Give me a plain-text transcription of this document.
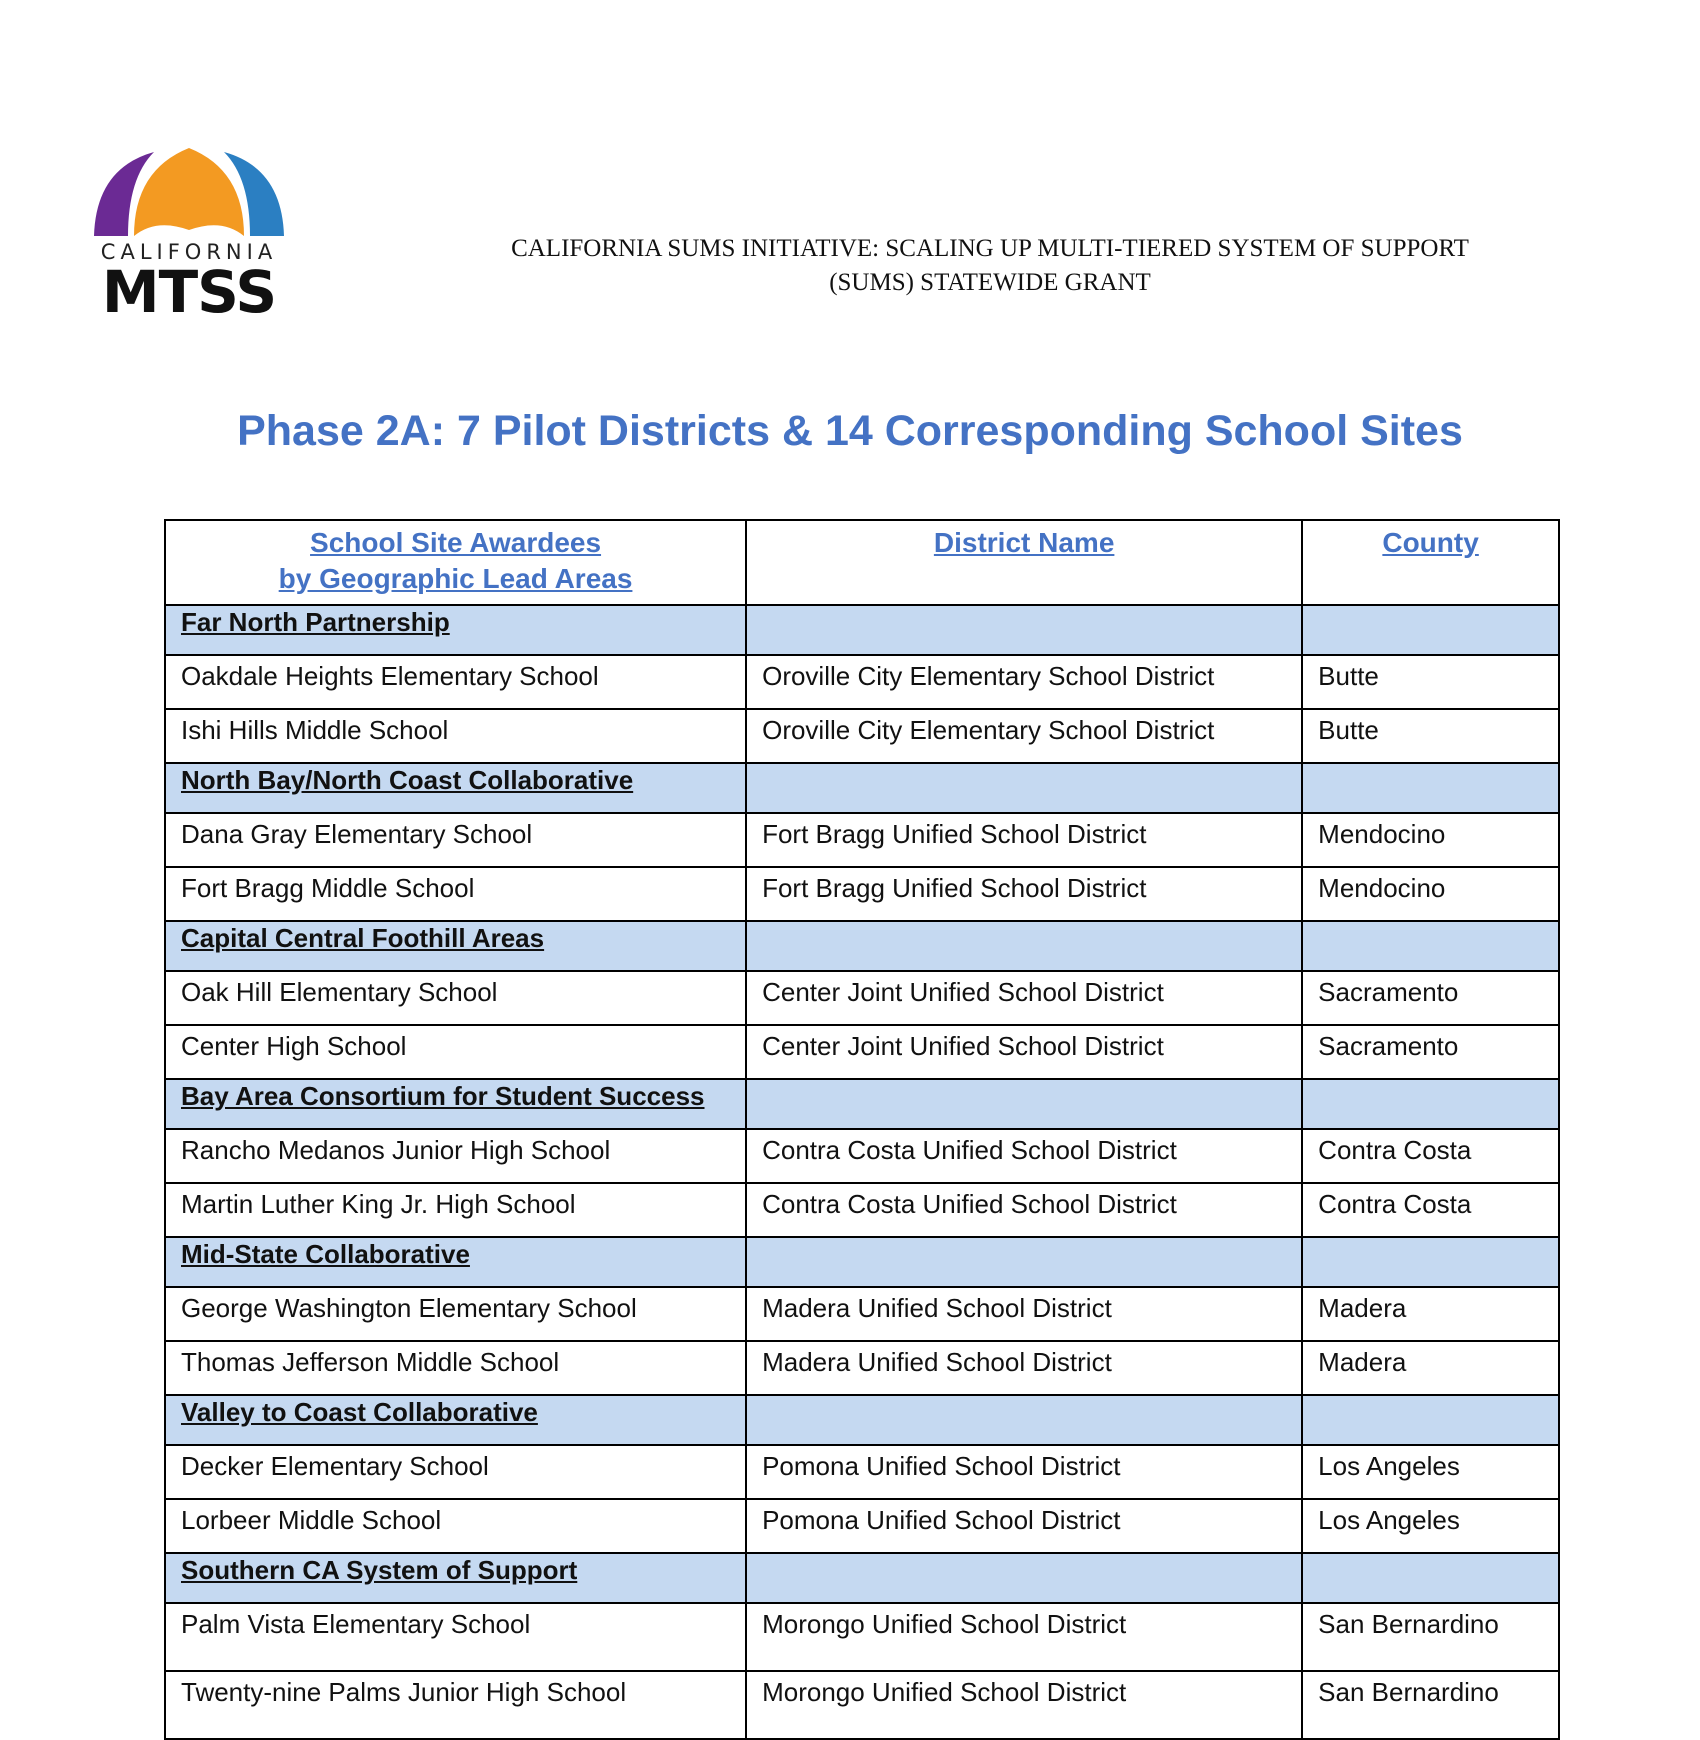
CALIFORNIA
MTSS
CALIFORNIA SUMS INITIATIVE: SCALING UP MULTI-TIERED SYSTEM OF SUPPORT
(SUMS) STATEWIDE GRANT
Phase 2A: 7 Pilot Districts & 14 Corresponding School Sites
School Site Awardees
by Geographic Lead Areas	District Name	County
Far North Partnership		
Oakdale Heights Elementary School	Oroville City Elementary School District	Butte
Ishi Hills Middle School	Oroville City Elementary School District	Butte
North Bay/North Coast Collaborative		
Dana Gray Elementary School	Fort Bragg Unified School District	Mendocino
Fort Bragg Middle School	Fort Bragg Unified School District	Mendocino
Capital Central Foothill Areas		
Oak Hill Elementary School	Center Joint Unified School District	Sacramento
Center High School	Center Joint Unified School District	Sacramento
Bay Area Consortium for Student Success		
Rancho Medanos Junior High School	Contra Costa Unified School District	Contra Costa
Martin Luther King Jr. High School	Contra Costa Unified School District	Contra Costa
Mid-State Collaborative		
George Washington Elementary School	Madera Unified School District	Madera
Thomas Jefferson Middle School	Madera Unified School District	Madera
Valley to Coast Collaborative		
Decker Elementary School	Pomona Unified School District	Los Angeles
Lorbeer Middle School	Pomona Unified School District	Los Angeles
Southern CA System of Support		
Palm Vista Elementary School	Morongo Unified School District	San Bernardino
Twenty-nine Palms Junior High School	Morongo Unified School District	San Bernardino
